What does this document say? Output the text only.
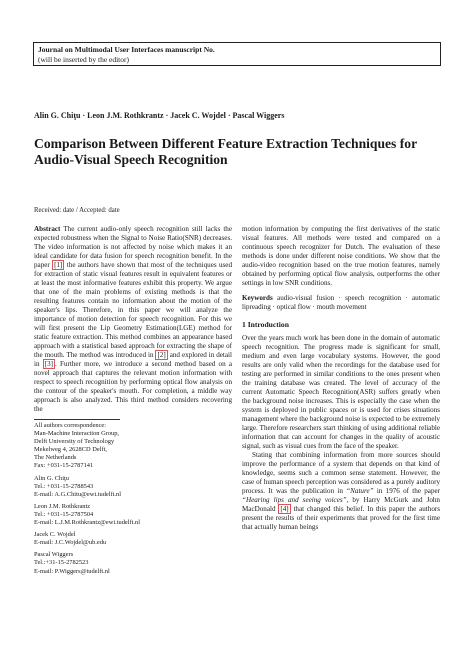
Journal on Multimodal User Interfaces manuscript No.
(will be inserted by the editor)
Alin G. Chiţu · Leon J.M. Rothkrantz · Jacek C. Wojdel · Pascal Wiggers
Comparison Between Different Feature Extraction Techniques for Audio-Visual Speech Recognition
Received: date / Accepted: date

Abstract The current audio-only speech recognition still lacks the expected robustness when the Signal to Noise Ratio(SNR) decreases. The video information is not affected by noise which makes it an ideal candidate for data fusion for speech recognition benefit. In the paper [1] the authors have shown that most of the techniques used for extraction of static visual features result in equivalent features or at least the most informative features exhibit this property. We argue that one of the main problems of existing methods is that the resulting features contain no information about the motion of the speaker's lips. Therefore, in this paper we will analyze the importance of motion detection for speech recognition. For this we will first present the Lip Geometry Estimation(LGE) method for static feature extraction. This method combines an appearance based approach with a statistical based approach for extracting the shape of the mouth. The method was introduced in [2] and explored in detail in [3] . Further more, we introduce a second method based on a novel approach that captures the relevant motion information with respect to speech recognition by performing optical flow analysis on the contour of the speaker's mouth. For completion, a middle way approach is also analyzed. This third method considers recovering the

motion information by computing the first derivatives of the static visual features. All methods were tested and compared on a continuous speech recognizer for Dutch. The evaluation of these methods is done under different noise conditions. We show that the audio-video recognition based on the true motion features, namely obtained by performing optical flow analysis, outperforms the other settings in low SNR conditions.

Keywords audio-visual fusion · speech recognition · automatic lipreading · optical flow · mouth movement

1 Introduction

Over the years much work has been done in the domain of automatic speech recognition. The progress made is significant for small, medium and even large vocabulary systems. However, the good results are only valid when the recordings for the database used for testing are performed in similar conditions to the ones present when the training database was created. The level of accuracy of the current Automatic Speech Recognition(ASR) suffers greatly when the background noise increases. This is especially the case when the system is deployed in public spaces or is used for crises situations management where the background noise is expected to be extremely large. Therefore researchers start thinking of using additional reliable information that can account for changes in the quality of acoustic signal, such as visual cues from the face of the speaker.

Stating that combining information from more sources should improve the performance of a system that depends on that kind of knowledge, seems such a common sense statement. However, the case of human speech perception was considered as a purely auditory process. It was the publication in “Nature” in 1976 of the paper “Hearing lips and seeing voices”, by Harry McGurk and John MacDonald [4] that changed this belief. In this paper the authors present the results of their experiments that proved for the first time that actually human beings

All authors correspondence:
Man-Machine Interaction Group,
Delft University of Technology
Mekelweg 4, 2628CD Delft,
The Netherlands
Fax: +031-15-2787141
Alin G. Chiţu
Tel.: +031-15-2788543
E-mail: A.G.Chitu@ewi.tudelft.nl
Leon J.M. Rothkrantz
Tel.: +031-15-2787504
E-mail: L.J.M.Rothkrantz@ewi.tudelft.nl
Jacek C. Wojdel
E-mail: J.C.Wojdel@ub.edu
Pascal Wiggers
Tel.:+31-15-2782523
E-mail: P.Wiggers@tudelft.nl
